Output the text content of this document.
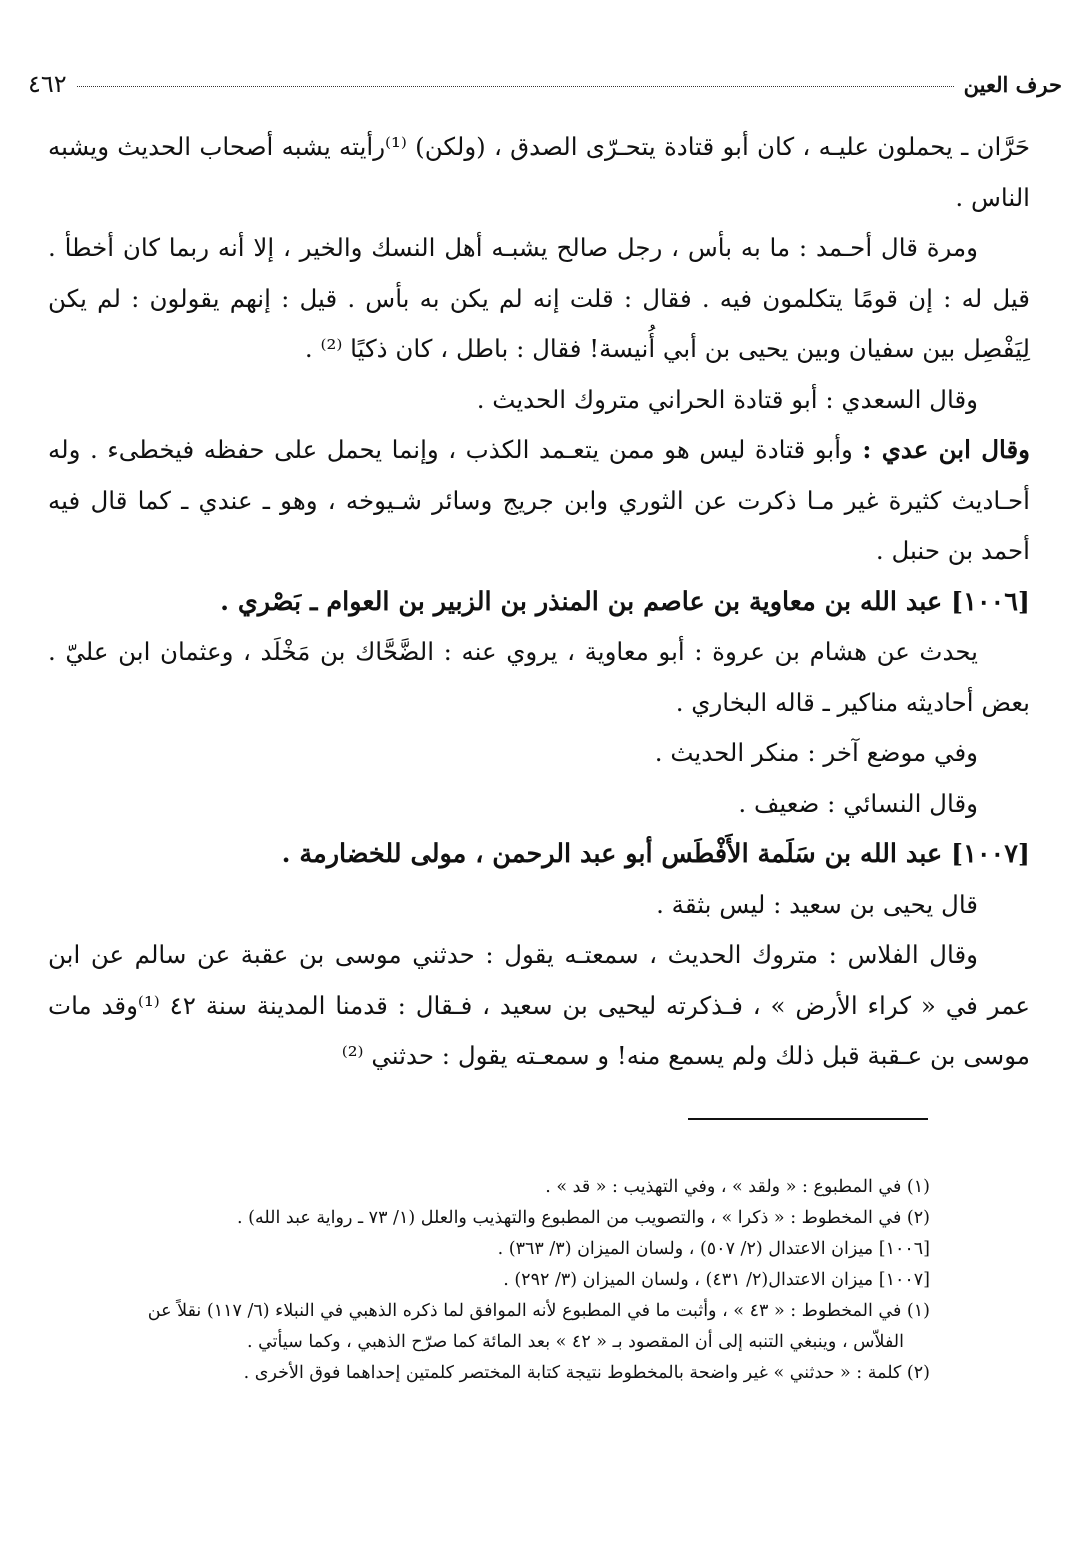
٤٦٢	حرف العين

حَرَّان ـ يحملون عليـه ، كان أبو قتادة يتحـرّى الصدق ، (ولكن) ⁽¹⁾رأيته يشبه أصحاب الحديث ويشبه الناس .

ومرة قال أحـمد : ما به بأس ، رجل صالح يشبـه أهل النسك والخير ، إلا أنه ربما كان أخطأ . قيل له : إن قومًا يتكلمون فيه . فقال : قلت إنه لم يكن به بأس . قيل : إنهم يقولون : لم يكن لِيَفْصِل بين سفيان وبين يحيى بن أبي أُنيسة! فقال : باطل ، كان ذكيًا ⁽²⁾ .

وقال السعدي : أبو قتادة الحراني متروك الحديث .

وقال ابن عدي : وأبو قتادة ليس هو ممن يتعـمد الكذب ، وإنما يحمل على حفظه فيخطىء . وله أحـاديث كثيرة غير مـا ذكرت عن الثوري وابن جريج وسائر شـيوخه ، وهو ـ عندي ـ كما قال فيه أحمد بن حنبل .

[١٠٠٦] عبد الله بن معاوية بن عاصم بن المنذر بن الزبير بن العوام ـ بَصْري .

يحدث عن هشام بن عروة : أبو معاوية ، يروي عنه : الضَّحَّاك بن مَخْلَد ، وعثمان ابن عليّ . بعض أحاديثه مناكير ـ قاله البخاري .

وفي موضع آخر : منكر الحديث .

وقال النسائي : ضعيف .

[١٠٠٧] عبد الله بن سَلَمة الأَفْطَس أبو عبد الرحمن ، مولى للخضارمة .

قال يحيى بن سعيد : ليس بثقة .

وقال الفلاس : متروك الحديث ، سمعتـه يقول : حدثني موسى بن عقبة عن سالم عن ابن عمر في « كراء الأرض » ، فـذكرته ليحيى بن سعيد ، فـقال : قدمنا المدينة سنة ٤٢ ⁽¹⁾وقد مات موسى بن عـقبة قبل ذلك ولم يسمع منه! و سمعـته يقول : حدثني ⁽²⁾

(١) في المطبوع : « ولقد » ، وفي التهذيب : « قد » .

(٢) في المخطوط : « ذكرا » ، والتصويب من المطبوع والتهذيب والعلل (١/ ٧٣ ـ رواية عبد الله) .

[١٠٠٦] ميزان الاعتدال (٢/ ٥٠٧) ، ولسان الميزان (٣/ ٣٦٣) .

[١٠٠٧] ميزان الاعتدال(٢/ ٤٣١) ، ولسان الميزان (٣/ ٢٩٢) .

(١) في المخطوط : « ٤٣ » ، وأثبت ما في المطبوع لأنه الموافق لما ذكره الذهبي في النبلاء (٦/ ١١٧) نقلاً عن

الفلاّس ، وينبغي التنبه إلى أن المقصود بـ « ٤٢ » بعد المائة كما صرّح الذهبي ، وكما سيأتي .

(٢) كلمة : « حدثني » غير واضحة بالمخطوط نتيجة كتابة المختصر كلمتين إحداهما فوق الأخرى .
